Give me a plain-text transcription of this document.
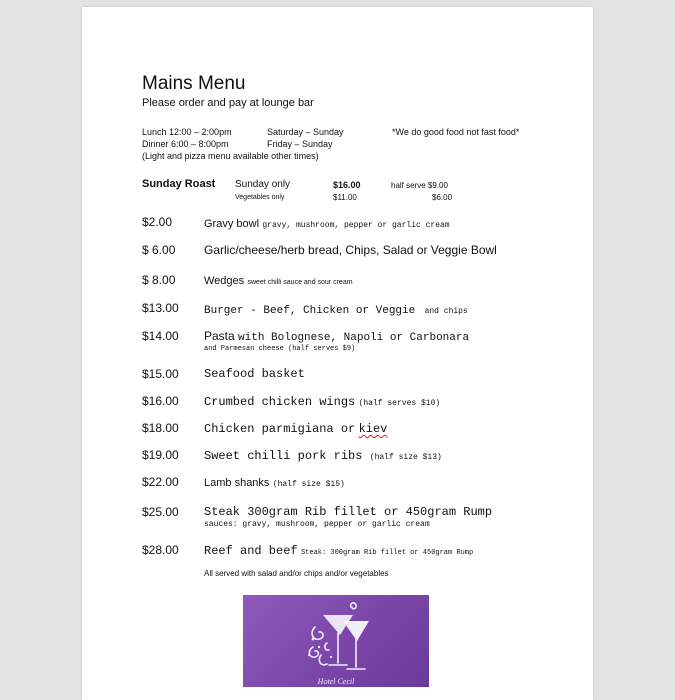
Mains Menu
Please order and pay at lounge bar
Lunch 12:00 – 2:00pm
Dinner 6:00 – 8:00pm
Saturday – Sunday
Friday – Sunday
(Light and pizza menu available other times)
*We do good food not fast food*
Sunday Roast Sunday only
Vegetables only
$16.00
$11.00
half serve $9.00
$6.00
$2.00	Gravy bowl gravy, mushroom, pepper or garlic cream
$ 6.00 Garlic/cheese/herb bread, Chips, Salad or Veggie Bowl
$ 8.00	Wedges sweet chilli sauce and sour cream
$13.00 Burger - Beef, Chicken or Veggie and chips
$14.00 Pasta with Bolognese, Napoli or Carbonara
and Parmesan cheese (half serves $9)
$15.00 Seafood basket
$16.00 Crumbed chicken wings (half serves $10)
$18.00 Chicken parmigiana or kiev
$19.00 Sweet chilli pork ribs (half size $13)
$22.00 Lamb shanks (half size $15)
$25.00 Steak 300gram Rib fillet or 450gram Rump
sauces: gravy, mushroom, pepper or garlic cream
$28.00 Reef and beef Steak: 300gram Rib fillet or 450gram Rump
All served with salad and/or chips and/or vegetables
Hotel Cecil
